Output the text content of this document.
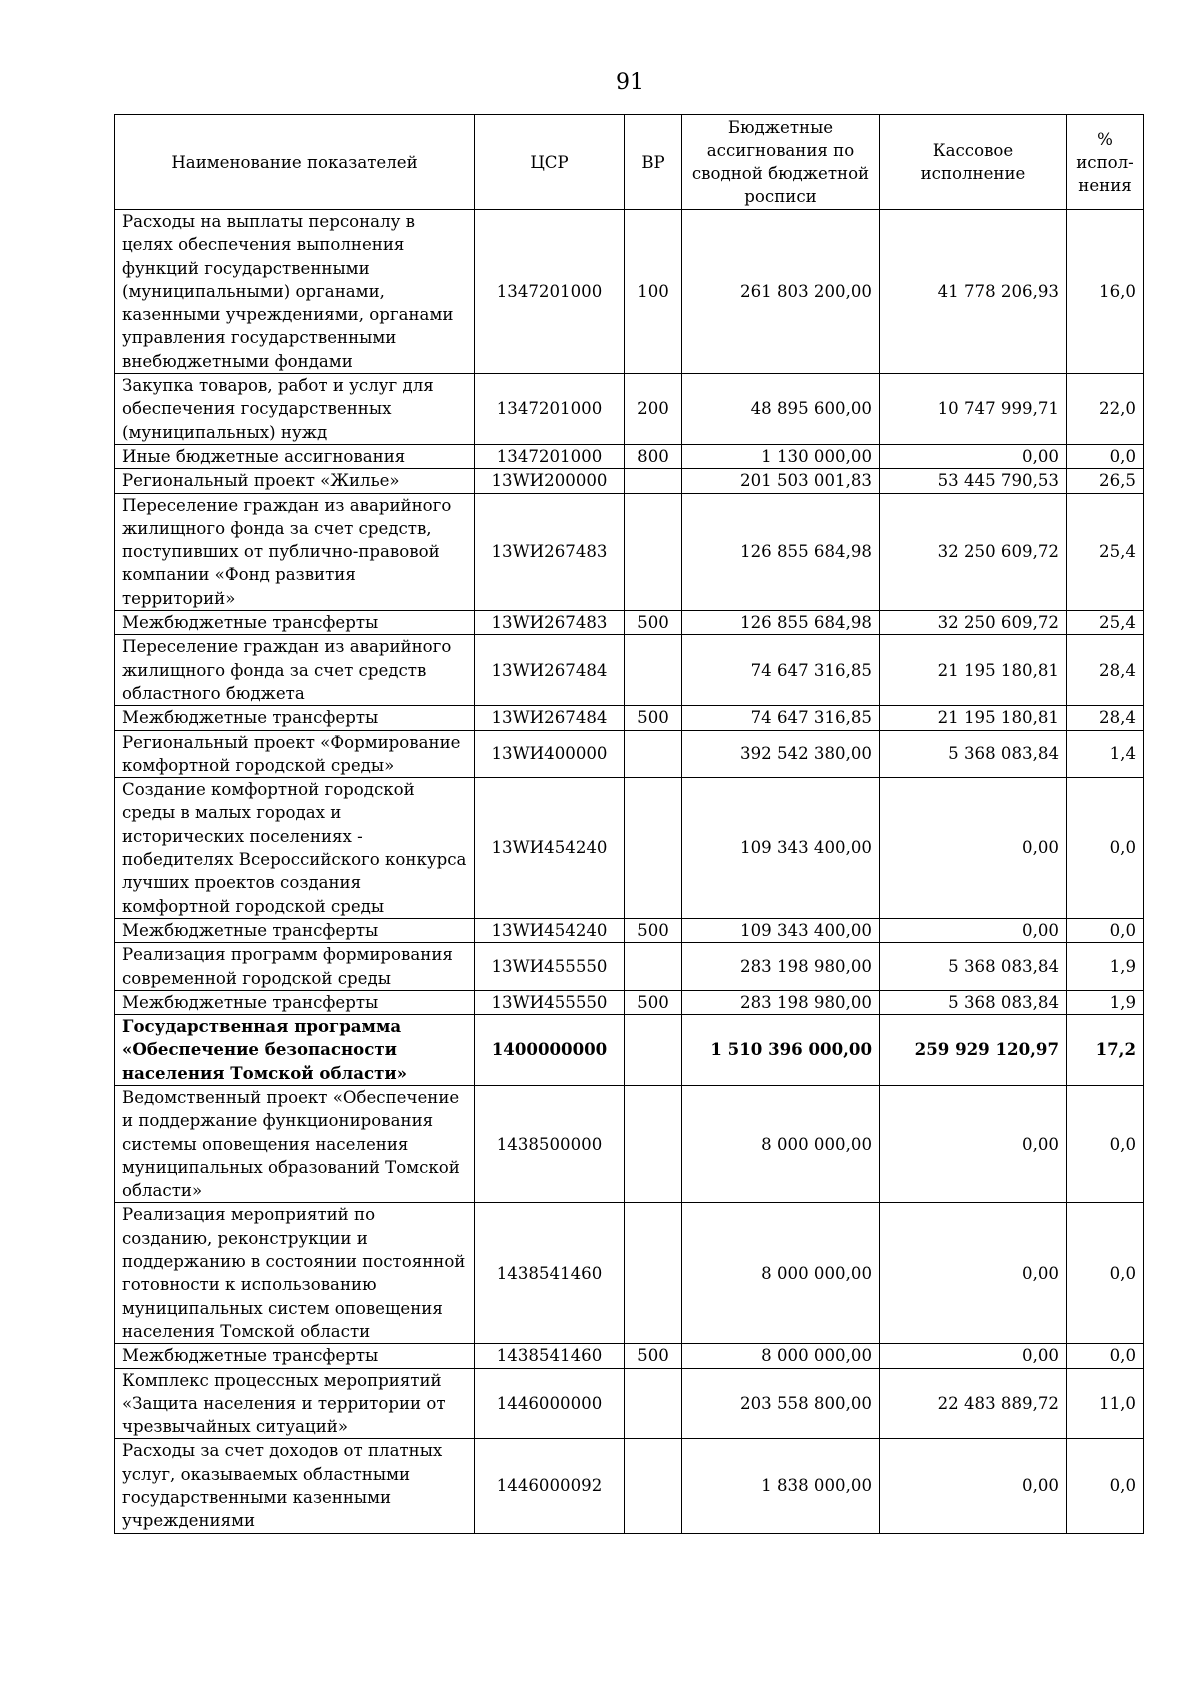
91
Наименование показателей	ЦСР	ВР	Бюджетные ассигнования по сводной бюджетной росписи	Кассовое исполнение	% испол-нения
Расходы на выплаты персоналу в целях обеспечения выполнения функций государственными (муниципальными) органами, казенными учреждениями, органами управления государственными внебюджетными фондами	1347201000	100	261 803 200,00	41 778 206,93	16,0
Закупка товаров, работ и услуг для обеспечения государственных (муниципальных) нужд	1347201000	200	48 895 600,00	10 747 999,71	22,0
Иные бюджетные ассигнования	1347201000	800	1 130 000,00	0,00	0,0
Региональный проект «Жилье»	13WИ200000		201 503 001,83	53 445 790,53	26,5
Переселение граждан из аварийного жилищного фонда за счет средств, поступивших от публично-правовой компании «Фонд развития территорий»	13WИ267483		126 855 684,98	32 250 609,72	25,4
Межбюджетные трансферты	13WИ267483	500	126 855 684,98	32 250 609,72	25,4
Переселение граждан из аварийного жилищного фонда за счет средств областного бюджета	13WИ267484		74 647 316,85	21 195 180,81	28,4
Межбюджетные трансферты	13WИ267484	500	74 647 316,85	21 195 180,81	28,4
Региональный проект «Формирование комфортной городской среды»	13WИ400000		392 542 380,00	5 368 083,84	1,4
Создание комфортной городской среды в малых городах и исторических поселениях - победителях Всероссийского конкурса лучших проектов создания комфортной городской среды	13WИ454240		109 343 400,00	0,00	0,0
Межбюджетные трансферты	13WИ454240	500	109 343 400,00	0,00	0,0
Реализация программ формирования современной городской среды	13WИ455550		283 198 980,00	5 368 083,84	1,9
Межбюджетные трансферты	13WИ455550	500	283 198 980,00	5 368 083,84	1,9
Государственная программа «Обеспечение безопасности населения Томской области»	1400000000		1 510 396 000,00	259 929 120,97	17,2
Ведомственный проект «Обеспечение и поддержание функционирования системы оповещения населения муниципальных образований Томской области»	1438500000		8 000 000,00	0,00	0,0
Реализация мероприятий по созданию, реконструкции и поддержанию в состоянии постоянной готовности к использованию муниципальных систем оповещения населения Томской области	1438541460		8 000 000,00	0,00	0,0
Межбюджетные трансферты	1438541460	500	8 000 000,00	0,00	0,0
Комплекс процессных мероприятий «Защита населения и территории от чрезвычайных ситуаций»	1446000000		203 558 800,00	22 483 889,72	11,0
Расходы за счет доходов от платных услуг, оказываемых областными государственными казенными учреждениями	1446000092		1 838 000,00	0,00	0,0
